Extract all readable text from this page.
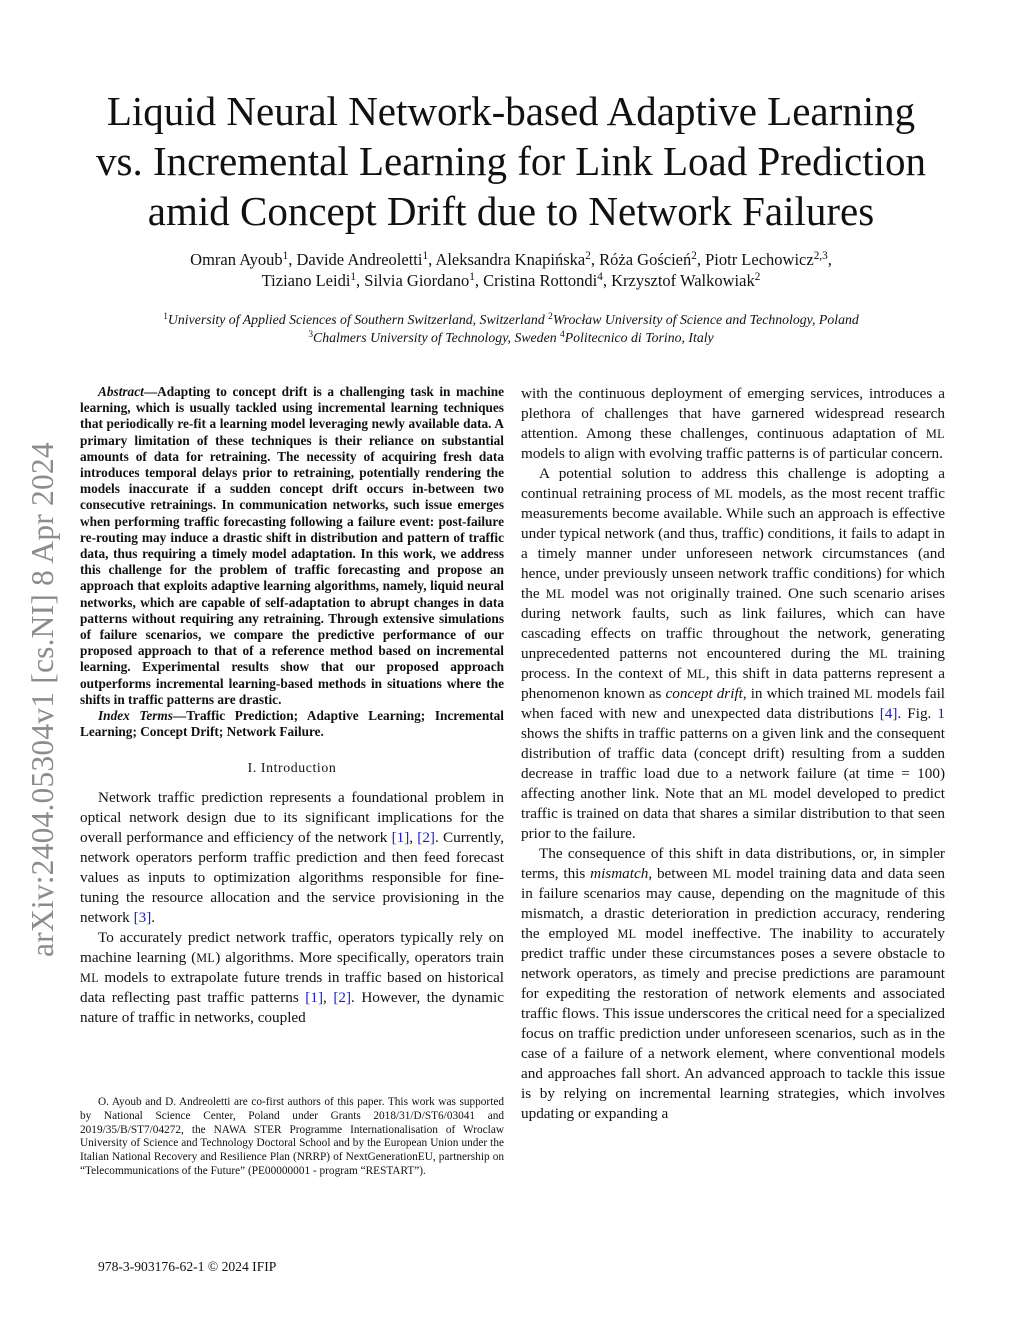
arXiv:2404.05304v1 [cs.NI] 8 Apr 2024
Liquid Neural Network-based Adaptive Learning vs. Incremental Learning for Link Load Prediction amid Concept Drift due to Network Failures

Omran Ayoub$^1$, Davide Andreoletti$^1$, Aleksandra Knapińska$^2$, Róża Goścień$^2$, Piotr Lechowicz$^{2,3}$,
Tiziano Leidi$^1$, Silvia Giordano$^1$, Cristina Rottondi$^4$, Krzysztof Walkowiak$^2$

$^1$University of Applied Sciences of Southern Switzerland, Switzerland $^2$Wrocław University of Science and Technology, Poland
$^3$Chalmers University of Technology, Sweden $^4$Politecnico di Torino, Italy

Abstract—Adapting to concept drift is a challenging task in machine learning, which is usually tackled using incremental learning techniques that periodically re-fit a learning model leveraging newly available data. A primary limitation of these techniques is their reliance on substantial amounts of data for retraining. The necessity of acquiring fresh data introduces temporal delays prior to retraining, potentially rendering the models inaccurate if a sudden concept drift occurs in-between two consecutive retrainings. In communication networks, such issue emerges when performing traffic forecasting following a failure event: post-failure re-routing may induce a drastic shift in distribution and pattern of traffic data, thus requiring a timely model adaptation. In this work, we address this challenge for the problem of traffic forecasting and propose an approach that exploits adaptive learning algorithms, namely, liquid neural networks, which are capable of self-adaptation to abrupt changes in data patterns without requiring any retraining. Through extensive simulations of failure scenarios, we compare the predictive performance of our proposed approach to that of a reference method based on incremental learning. Experimental results show that our proposed approach outperforms incremental learning-based methods in situations where the shifts in traffic patterns are drastic.

Index Terms—Traffic Prediction; Adaptive Learning; Incremental Learning; Concept Drift; Network Failure.

I. Introduction

Network traffic prediction represents a foundational problem in optical network design due to its significant implications for the overall performance and efficiency of the network [1], [2]. Currently, network operators perform traffic prediction and then feed forecast values as inputs to optimization algorithms responsible for fine-tuning the resource allocation and the service provisioning in the network [3].

To accurately predict network traffic, operators typically rely on machine learning (ML) algorithms. More specifically, operators train ML models to extrapolate future trends in traffic based on historical data reflecting past traffic patterns [1], [2]. However, the dynamic nature of traffic in networks, coupled

O. Ayoub and D. Andreoletti are co-first authors of this paper. This work was supported by National Science Center, Poland under Grants 2018/31/D/ST6/03041 and 2019/35/B/ST7/04272, the NAWA STER Programme Internationalisation of Wroclaw University of Science and Technology Doctoral School and by the European Union under the Italian National Recovery and Resilience Plan (NRRP) of NextGenerationEU, partnership on “Telecommunications of the Future” (PE00000001 - program “RESTART”).

978-3-903176-62-1 © 2024 IFIP

with the continuous deployment of emerging services, introduces a plethora of challenges that have garnered widespread research attention. Among these challenges, continuous adaptation of ML models to align with evolving traffic patterns is of particular concern.

A potential solution to address this challenge is adopting a continual retraining process of ML models, as the most recent traffic measurements become available. While such an approach is effective under typical network (and thus, traffic) conditions, it fails to adapt in a timely manner under unforeseen network circumstances (and hence, under previously unseen network traffic conditions) for which the ML model was not originally trained. One such scenario arises during network faults, such as link failures, which can have cascading effects on traffic throughout the network, generating unprecedented patterns not encountered during the ML training process. In the context of ML, this shift in data patterns represent a phenomenon known as concept drift, in which trained ML models fail when faced with new and unexpected data distributions [4]. Fig. 1 shows the shifts in traffic patterns on a given link and the consequent distribution of traffic data (concept drift) resulting from a sudden decrease in traffic load due to a network failure (at time = 100) affecting another link. Note that an ML model developed to predict traffic is trained on data that shares a similar distribution to that seen prior to the failure.

The consequence of this shift in data distributions, or, in simpler terms, this mismatch, between ML model training data and data seen in failure scenarios may cause, depending on the magnitude of this mismatch, a drastic deterioration in prediction accuracy, rendering the employed ML model ineffective. The inability to accurately predict traffic under these circumstances poses a severe obstacle to network operators, as timely and precise predictions are paramount for expediting the restoration of network elements and associated traffic flows. This issue underscores the critical need for a specialized focus on traffic prediction under unforeseen scenarios, such as in the case of a failure of a network element, where conventional models and approaches fall short. An advanced approach to tackle this issue is by relying on incremental learning strategies, which involves updating or expanding a
